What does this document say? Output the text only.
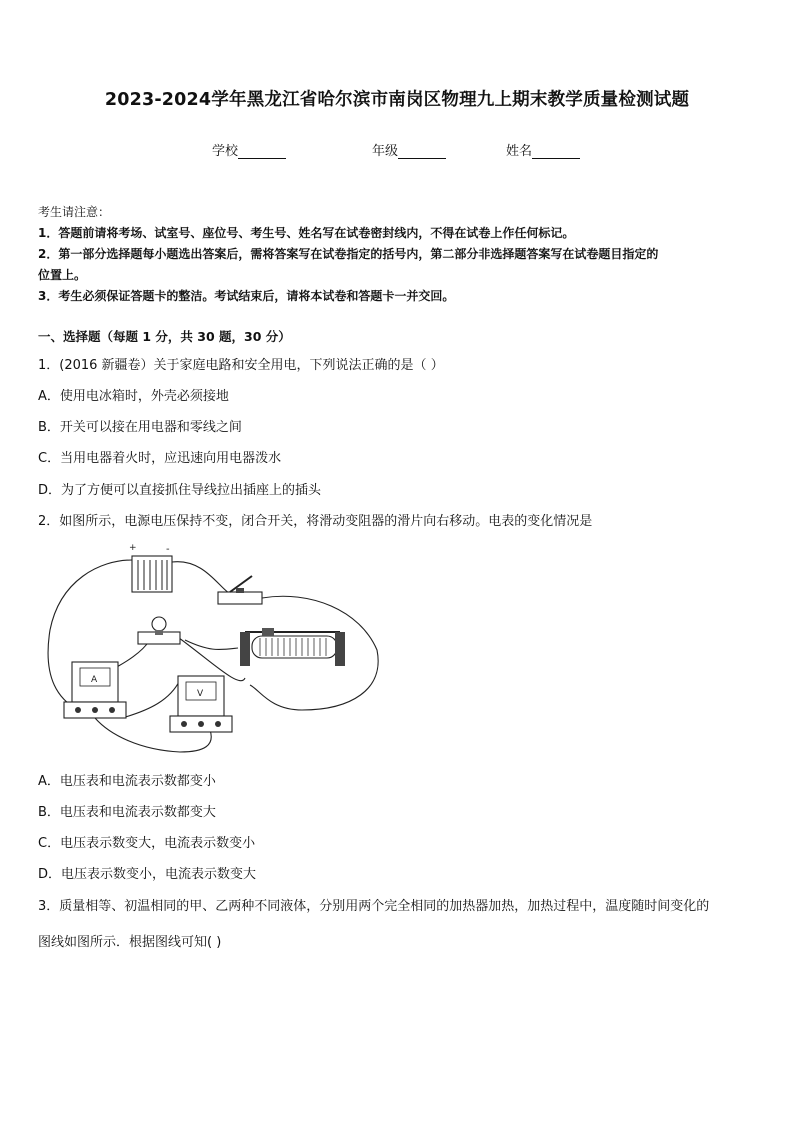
2023-2024学年黑龙江省哈尔滨市南岗区物理九上期末教学质量检测试题
学校	年级	姓名
考生请注意：
1．答题前请将考场、试室号、座位号、考生号、姓名写在试卷密封线内，不得在试卷上作任何标记。
2．第一部分选择题每小题选出答案后，需将答案写在试卷指定的括号内，第二部分非选择题答案写在试卷题目指定的
位置上。
3．考生必须保证答题卡的整洁。考试结束后，请将本试卷和答题卡一并交回。
一、选择题（每题 1 分，共 30 题，30 分）
1．(2016 新疆卷）关于家庭电路和安全用电，下列说法正确的是（ ）
A．使用电冰箱时，外壳必须接地
B．开关可以接在用电器和零线之间
C．当用电器着火时，应迅速向用电器泼水
D．为了方便可以直接抓住导线拉出插座上的插头
2．如图所示，电源电压保持不变，闭合开关，将滑动变阻器的滑片向右移动。电表的变化情况是
+	-
A
V
A．电压表和电流表示数都变小
B．电压表和电流表示数都变大
C．电压表示数变大，电流表示数变小
D．电压表示数变小，电流表示数变大
3．质量相等、初温相同的甲、乙两种不同液体，分别用两个完全相同的加热器加热，加热过程中，温度随时间变化的
图线如图所示．根据图线可知( )
